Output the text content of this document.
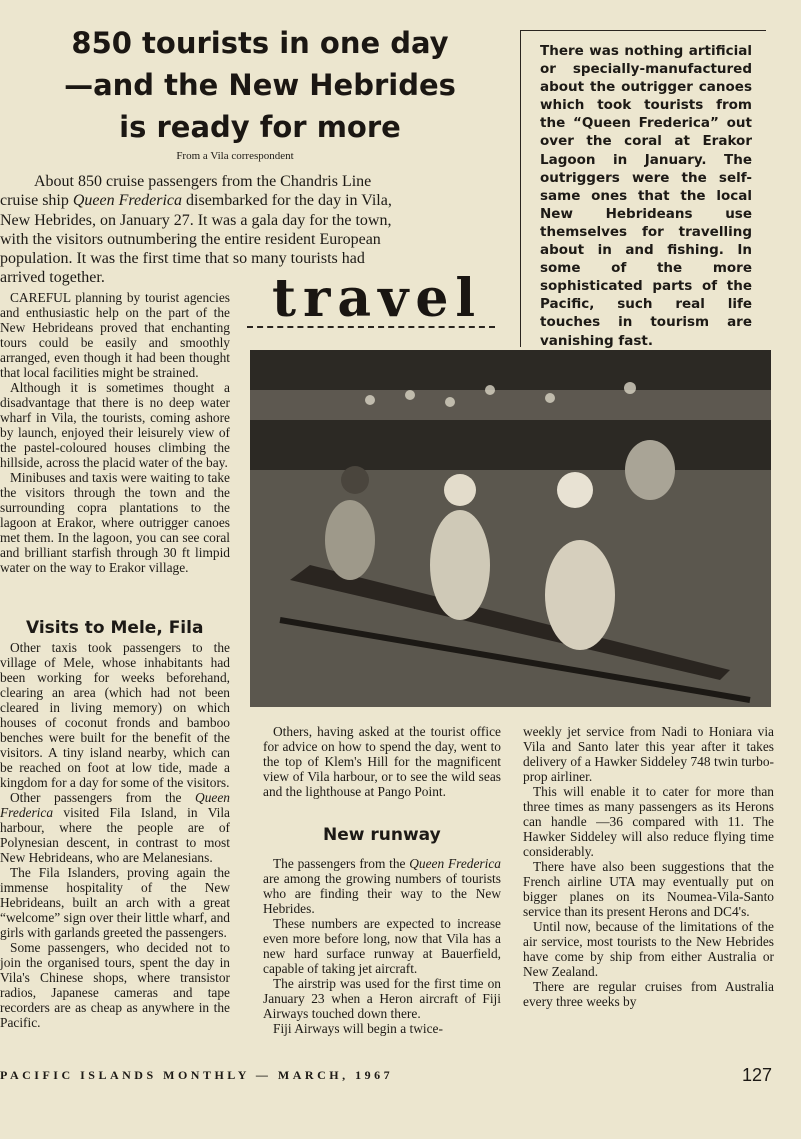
850 tourists in one day
—and the New Hebrides
is ready for more
From a Vila correspondent

About 850 cruise passengers from the Chandris Line

cruise ship Queen Frederica disembarked for the day in Vila,
New Hebrides, on January 27. It was a gala day for the town,
with the visitors outnumbering the entire resident European
population. It was the first time that so many tourists had
arrived together.

There was nothing artificial or specially-manufactured about the outrigger canoes which took tourists from the “Queen Frederica” out over the coral at Erakor Lagoon in January. The outriggers were the self-same ones that the local New Hebrideans use themselves for travelling about in and fishing. In some of the more sophisticated parts of the Pacific, such real life touches in tourism are vanishing fast.

travel

CAREFUL planning by tourist agencies and enthusiastic help on the part of the New Hebrideans proved that enchanting tours could be easily and smoothly arranged, even though it had been thought that local facilities might be strained.

Although it is sometimes thought a disadvantage that there is no deep water wharf in Vila, the tourists, coming ashore by launch, enjoyed their leisurely view of the pastel-coloured houses climbing the hillside, across the placid water of the bay.

Minibuses and taxis were waiting to take the visitors through the town and the surrounding copra plantations to the lagoon at Erakor, where outrigger canoes met them. In the lagoon, you can see coral and brilliant starfish through 30 ft limpid water on the way to Erakor village.

Visits to Mele, Fila

Other taxis took passengers to the village of Mele, whose inhabitants had been working for weeks beforehand, clearing an area (which had not been cleared in living memory) on which houses of coconut fronds and bamboo benches were built for the benefit of the visitors. A tiny island nearby, which can be reached on foot at low tide, made a kingdom for a day for some of the visitors.

Other passengers from the Queen Frederica visited Fila Island, in Vila harbour, where the people are of Polynesian descent, in contrast to most New Hebrideans, who are Melanesians.

The Fila Islanders, proving again the immense hospitality of the New Hebrideans, built an arch with a great “welcome” sign over their little wharf, and girls with garlands greeted the passengers.

Some passengers, who decided not to join the organised tours, spent the day in Vila's Chinese shops, where transistor radios, Japanese cameras and tape recorders are as cheap as anywhere in the Pacific.

Others, having asked at the tourist office for advice on how to spend the day, went to the top of Klem's Hill for the magnificent view of Vila harbour, or to see the wild seas and the lighthouse at Pango Point.

New runway

The passengers from the Queen Frederica are among the growing numbers of tourists who are finding their way to the New Hebrides.

These numbers are expected to increase even more before long, now that Vila has a new hard surface runway at Bauerfield, capable of taking jet aircraft.

The airstrip was used for the first time on January 23 when a Heron aircraft of Fiji Airways touched down there.

Fiji Airways will begin a twice-

weekly jet service from Nadi to Honiara via Vila and Santo later this year after it takes delivery of a Hawker Siddeley 748 twin turbo-prop airliner.

This will enable it to cater for more than three times as many passengers as its Herons can handle —36 compared with 11. The Hawker Siddeley will also reduce flying time considerably.

There have also been suggestions that the French airline UTA may eventually put on bigger planes on its Noumea-Vila-Santo service than its present Herons and DC4's.

Until now, because of the limitations of the air service, most tourists to the New Hebrides have come by ship from either Australia or New Zealand.

There are regular cruises from Australia every three weeks by

PACIFIC ISLANDS MONTHLY — MARCH, 1967	127
